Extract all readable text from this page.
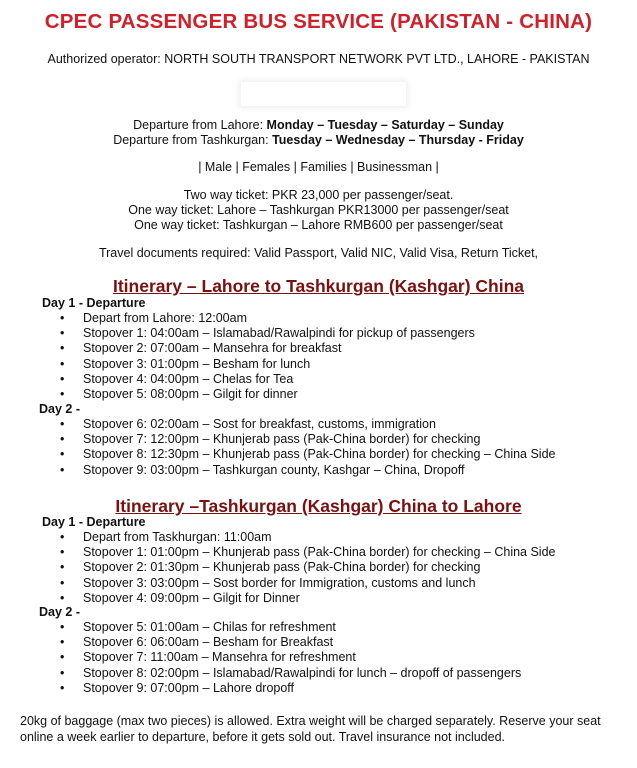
CPEC PASSENGER BUS SERVICE (PAKISTAN - CHINA)
Authorized operator: NORTH SOUTH TRANSPORT NETWORK PVT LTD., LAHORE - PAKISTAN
Departure from Lahore: Monday – Tuesday – Saturday – Sunday
Departure from Tashkurgan: Tuesday – Wednesday – Thursday - Friday
| Male | Females | Families | Businessman |
Two way ticket: PKR 23,000 per passenger/seat.
One way ticket: Lahore – Tashkurgan PKR13000 per passenger/seat
One way ticket: Tashkurgan – Lahore RMB600 per passenger/seat
Travel documents required: Valid Passport, Valid NIC, Valid Visa, Return Ticket,
Itinerary – Lahore to Tashkurgan (Kashgar) China
Day 1 - Departure
• Depart from Lahore: 12:00am
• Stopover 1: 04:00am – Islamabad/Rawalpindi for pickup of passengers
• Stopover 2: 07:00am – Mansehra for breakfast
• Stopover 3: 01:00pm – Besham for lunch
• Stopover 4: 04:00pm – Chelas for Tea
• Stopover 5: 08:00pm – Gilgit for dinner
Day 2 -
• Stopover 6: 02:00am – Sost for breakfast, customs, immigration
• Stopover 7: 12:00pm – Khunjerab pass (Pak-China border) for checking
• Stopover 8: 12:30pm – Khunjerab pass (Pak-China border) for checking – China Side
• Stopover 9: 03:00pm – Tashkurgan county, Kashgar – China, Dropoff
Itinerary –Tashkurgan (Kashgar) China to Lahore
Day 1 - Departure
• Depart from Taskhurgan: 11:00am
• Stopover 1: 01:00pm – Khunjerab pass (Pak-China border) for checking – China Side
• Stopover 2: 01:30pm – Khunjerab pass (Pak-China border) for checking
• Stopover 3: 03:00pm – Sost border for Immigration, customs and lunch
• Stopover 4: 09:00pm – Gilgit for Dinner
Day 2 -
• Stopover 5: 01:00am – Chilas for refreshment
• Stopover 6: 06:00am – Besham for Breakfast
• Stopover 7: 11:00am – Mansehra for refreshment
• Stopover 8: 02:00pm – Islamabad/Rawalpindi for lunch – dropoff of passengers
• Stopover 9: 07:00pm – Lahore dropoff
20kg of baggage (max two pieces) is allowed. Extra weight will be charged separately. Reserve your seat online a week earlier to departure, before it gets sold out. Travel insurance not included.
